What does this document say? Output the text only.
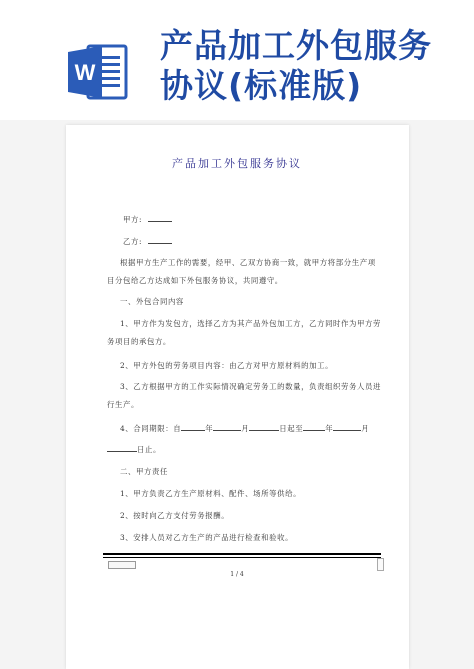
W
产品加工外包服务
协议(标准版)
产品加工外包服务协议
甲方:
乙方:
根据甲方生产工作的需要，经甲、乙双方协商一致，就甲方将部分生产项
目分包给乙方达成如下外包服务协议，共同遵守。
一、外包合同内容
1、甲方作为发包方，选择乙方为其产品外包加工方，乙方同时作为甲方劳
务项目的承包方。
2、甲方外包的劳务项目内容：由乙方对甲方原材料的加工。
3、乙方根据甲方的工作实际情况确定劳务工的数量，负责组织劳务人员进
行生产。
4、合同期限：自	年	月	日起至	年	月
日止。
二、甲方责任
1、甲方负责乙方生产原材料、配件、场所等供给。
2、按时向乙方支付劳务报酬。
3、安排人员对乙方生产的产品进行检查和验收。
1 / 4
